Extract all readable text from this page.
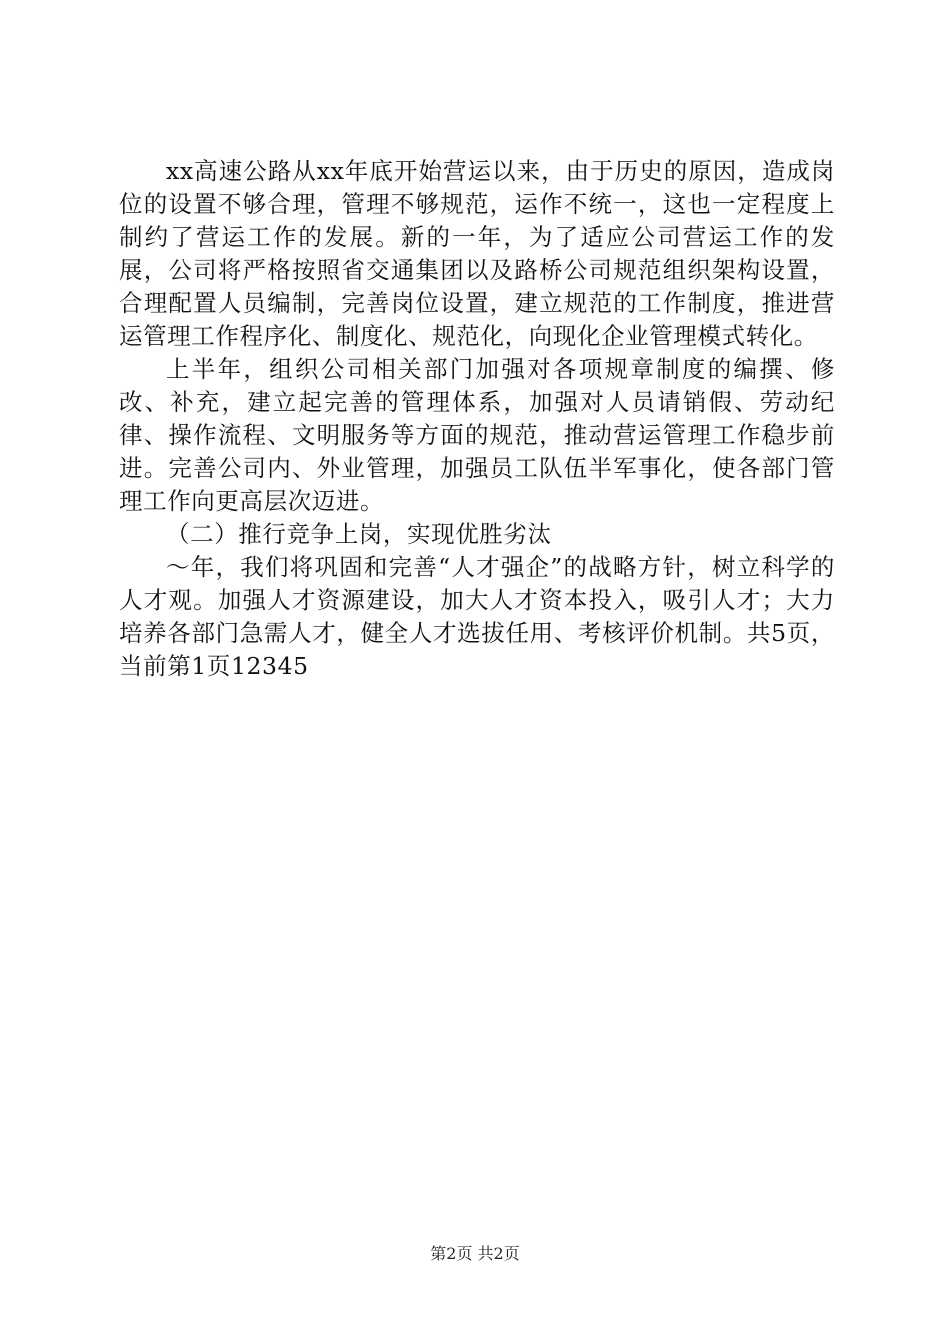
xx高速公路从xx年底开始营运以来，由于历史的原因，造成岗位的设置不够合理，管理不够规范，运作不统一，这也一定程度上制约了营运工作的发展。新的一年，为了适应公司营运工作的发展，公司将严格按照省交通集团以及路桥公司规范组织架构设置，合理配置人员编制，完善岗位设置，建立规范的工作制度，推进营运管理工作程序化、制度化、规范化，向现化企业管理模式转化。

上半年，组织公司相关部门加强对各项规章制度的编撰、修改、补充，建立起完善的管理体系，加强对人员请销假、劳动纪律、操作流程、文明服务等方面的规范，推动营运管理工作稳步前进。完善公司内、外业管理，加强员工队伍半军事化，使各部门管理工作向更高层次迈进。

（二）推行竞争上岗，实现优胜劣汰

～年，我们将巩固和完善“人才强企”的战略方针，树立科学的人才观。加强人才资源建设，加大人才资本投入，吸引人才；大力培养各部门急需人才，健全人才选拔任用、考核评价机制。共5页，当前第1页12345

第2页 共2页
